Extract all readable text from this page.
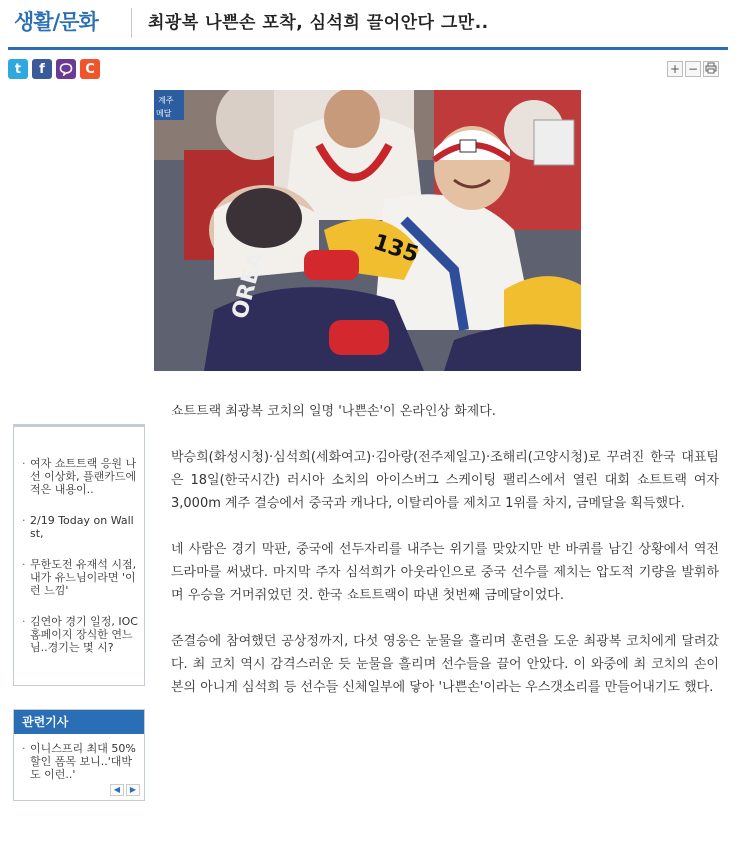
생활/문화	최광복 나쁜손 포착, 심석희 끌어안다 그만..
t f	C	+ −
계주
메달
135
OREA
· 여자 쇼트트랙 응원 나선 이상화, 플랜카드에 적은 내용이..
· 2/19 Today on Wall st,
· 무한도전 유재석 시점, 내가 유느님이라면 '이런 느낌'
· 김연아 경기 일정, IOC 홈페이지 장식한 연느님..경기는 몇 시?
관련기사
· 이니스프리 최대 50% 할인 폼목 보니..'대박도 이런..'
◀	▶

쇼트트랙 최광복 코치의 일명 '나쁜손'이 온라인상 화제다.

박승희(화성시청)·심석희(세화여고)·김아랑(전주제일고)·조해리(고양시청)로 꾸려진 한국 대표팀은 18일(한국시간) 러시아 소치의 아이스버그 스케이팅 팰리스에서 열린 대회 쇼트트랙 여자 3,000m 계주 결승에서 중국과 캐나다, 이탈리아를 제치고 1위를 차지, 금메달을 획득했다.

네 사람은 경기 막판, 중국에 선두자리를 내주는 위기를 맞았지만 반 바퀴를 남긴 상황에서 역전 드라마를 써냈다. 마지막 주자 심석희가 아웃라인으로 중국 선수를 제치는 압도적 기량을 발휘하며 우승을 거머쥐었던 것. 한국 쇼트트랙이 따낸 첫번째 금메달이었다.

준결승에 참여했던 공상정까지, 다섯 영웅은 눈물을 흘리며 훈련을 도운 최광복 코치에게 달려갔다. 최 코치 역시 감격스러운 듯 눈물을 흘리며 선수들을 끌어 안았다. 이 와중에 최 코치의 손이 본의 아니게 심석희 등 선수들 신체일부에 닿아 '나쁜손'이라는 우스갯소리를 만들어내기도 했다.
